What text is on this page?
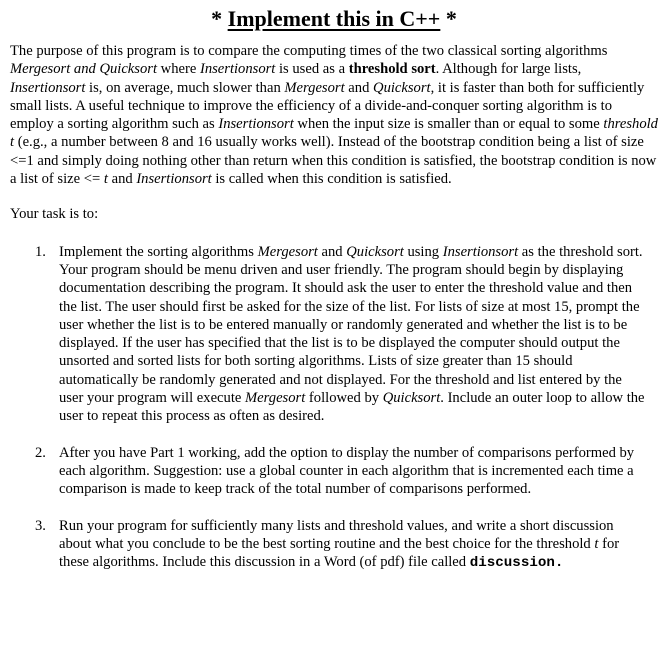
* Implement this in C++ *

The purpose of this program is to compare the computing times of the two classical sorting algorithms Mergesort and Quicksort where Insertionsort is used as a threshold sort. Although for large lists, Insertionsort is, on average, much slower than Mergesort and Quicksort, it is faster than both for sufficiently small lists. A useful technique to improve the efficiency of a divide-and-conquer sorting algorithm is to employ a sorting algorithm such as Insertionsort when the input size is smaller than or equal to some threshold t (e.g., a number between 8 and 16 usually works well). Instead of the bootstrap condition being a list of size <=1 and simply doing nothing other than return when this condition is satisfied, the bootstrap condition is now a list of size <= t and Insertionsort is called when this condition is satisfied.

Your task is to:

1. Implement the sorting algorithms Mergesort and Quicksort using Insertionsort as the threshold sort. Your program should be menu driven and user friendly. The program should begin by displaying documentation describing the program. It should ask the user to enter the threshold value and then the list. The user should first be asked for the size of the list. For lists of size at most 15, prompt the user whether the list is to be entered manually or randomly generated and whether the list is to be displayed. If the user has specified that the list is to be displayed the computer should output the unsorted and sorted lists for both sorting algorithms. Lists of size greater than 15 should automatically be randomly generated and not displayed. For the threshold and list entered by the user your program will execute Mergesort followed by Quicksort. Include an outer loop to allow the user to repeat this process as often as desired.
2. After you have Part 1 working, add the option to display the number of comparisons performed by each algorithm. Suggestion: use a global counter in each algorithm that is incremented each time a comparison is made to keep track of the total number of comparisons performed.
3. Run your program for sufficiently many lists and threshold values, and write a short discussion about what you conclude to be the best sorting routine and the best choice for the threshold t for these algorithms. Include this discussion in a Word (of pdf) file called discussion.
